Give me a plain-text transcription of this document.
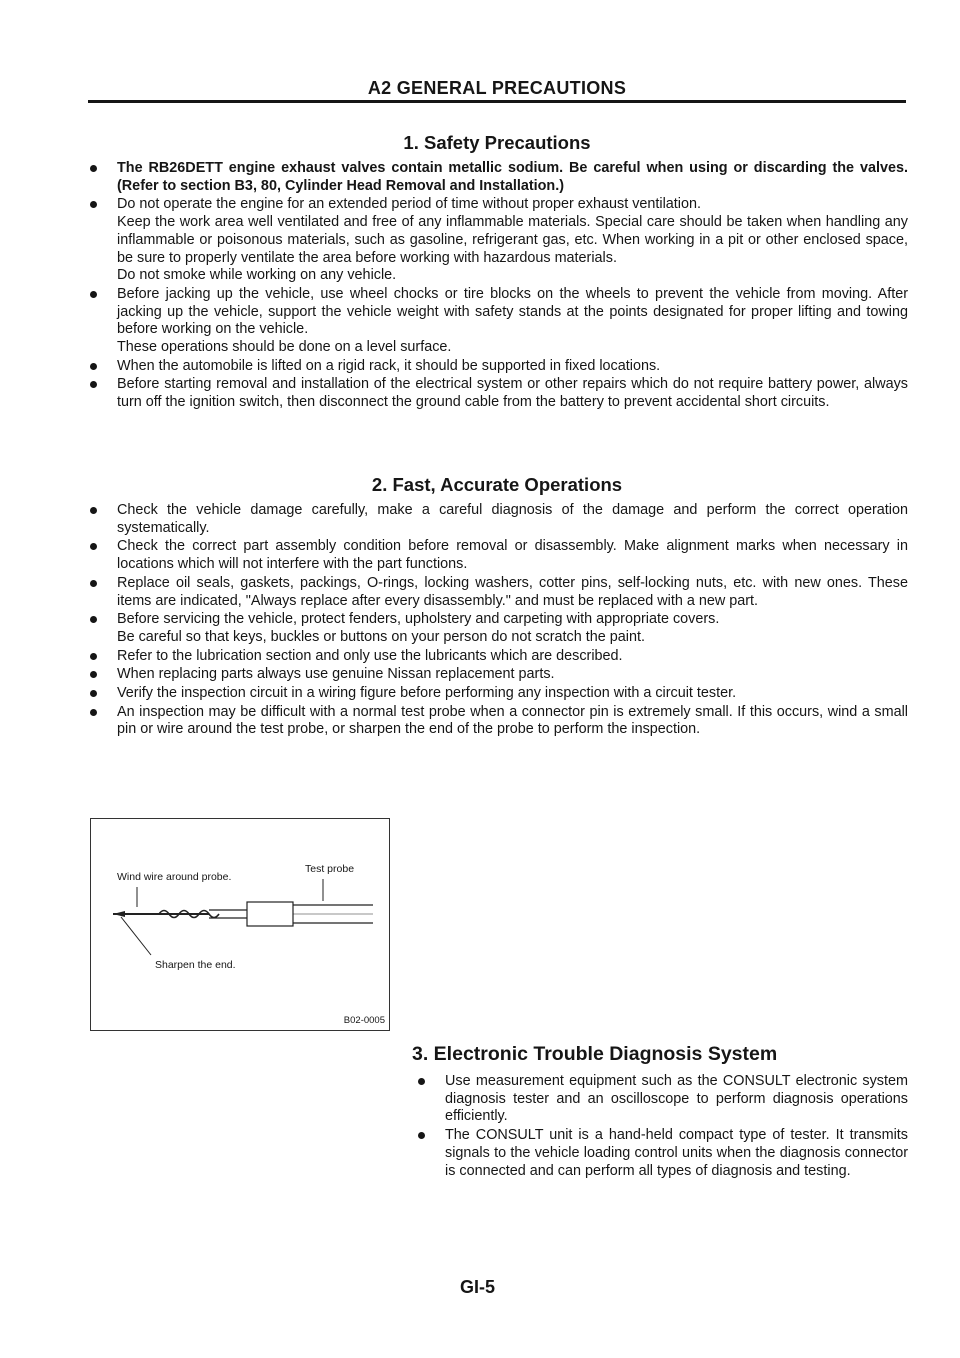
A2 GENERAL PRECAUTIONS
1. Safety Precautions
The RB26DETT engine exhaust valves contain metallic sodium. Be careful when using or discarding the valves. (Refer to section B3, 80, Cylinder Head Removal and Installation.)
Do not operate the engine for an extended period of time without proper exhaust ventilation.
Keep the work area well ventilated and free of any inflammable materials. Special care should be taken when handling any inflammable or poisonous materials, such as gasoline, refrigerant gas, etc. When working in a pit or other enclosed space, be sure to properly ventilate the area before working with hazardous materials.
Do not smoke while working on any vehicle.
Before jacking up the vehicle, use wheel chocks or tire blocks on the wheels to prevent the vehicle from moving. After jacking up the vehicle, support the vehicle weight with safety stands at the points designated for proper lifting and towing before working on the vehicle.
These operations should be done on a level surface.
When the automobile is lifted on a rigid rack, it should be supported in fixed locations.
Before starting removal and installation of the electrical system or other repairs which do not require battery power, always turn off the ignition switch, then disconnect the ground cable from the battery to prevent accidental short circuits.
2. Fast, Accurate Operations
Check the vehicle damage carefully, make a careful diagnosis of the damage and perform the correct operation systematically.
Check the correct part assembly condition before removal or disassembly. Make alignment marks when necessary in locations which will not interfere with the part functions.
Replace oil seals, gaskets, packings, O-rings, locking washers, cotter pins, self-locking nuts, etc. with new ones. These items are indicated, "Always replace after every disassembly." and must be replaced with a new part.
Before servicing the vehicle, protect fenders, upholstery and carpeting with appropriate covers.
Be careful so that keys, buckles or buttons on your person do not scratch the paint.
Refer to the lubrication section and only use the lubricants which are described.
When replacing parts always use genuine Nissan replacement parts.
Verify the inspection circuit in a wiring figure before performing any inspection with a circuit tester.
An inspection may be difficult with a normal test probe when a connector pin is extremely small. If this occurs, wind a small pin or wire around the test probe, or sharpen the end of the probe to perform the inspection.
Wind wire around probe.
Test probe
Sharpen the end.
B02-0005
3. Electronic Trouble Diagnosis System
Use measurement equipment such as the CONSULT electronic system diagnosis tester and an oscilloscope to perform diagnosis operations efficiently.
The CONSULT unit is a hand-held compact type of tester. It transmits signals to the vehicle loading control units when the diagnosis connector is connected and can perform all types of diagnosis and testing.
GI-5
